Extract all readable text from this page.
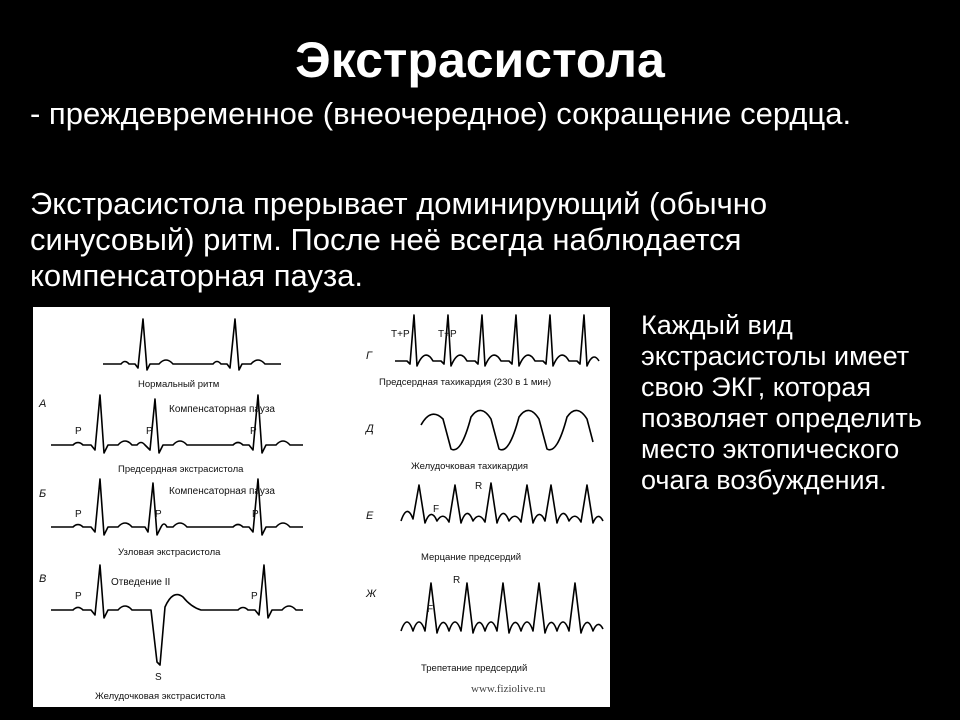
Экстрасистола
- преждевременное (внеочередное) сокращение сердца.
Экстрасистола прерывает доминирующий (обычно синусовый) ритм. После неё всегда наблюдается компенсаторная пауза.
Каждый вид экстрасистолы имеет свою ЭКГ, которая позволяет определить место эктопического очага возбуждения.
Нормальный ритм
А
P	P	P
Компенсаторная пауза
Предсердная экстрасистола
Б
P	P	P
Компенсаторная пауза
Узловая экстрасистола
В	Отведение II
P	P
S
Желудочковая экстрасистола
Г
Т+Р	Т+Р
Предсердная тахикардия (230 в 1 мин)
Д
Желудочковая тахикардия
Е
F
R
Мерцание предсердий
Ж
F
R
Трепетание предсердий
www.fiziolive.ru
